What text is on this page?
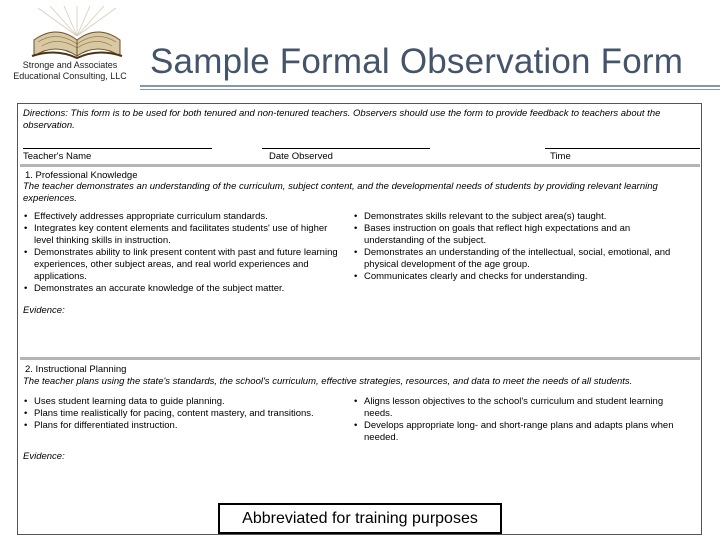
Stronge and Associates Educational Consulting, LLC Sample Formal Observation Form
Directions: This form is to be used for both tenured and non-tenured teachers. Observers should use the form to provide feedback to teachers about the observation.
Teacher's Name	Date Observed	Time
1. Professional Knowledge
The teacher demonstrates an understanding of the curriculum, subject content, and the developmental needs of students by providing relevant learning experiences.
• Effectively addresses appropriate curriculum standards.
• Integrates key content elements and facilitates students' use of higher level thinking skills in instruction.
• Demonstrates ability to link present content with past and future learning experiences, other subject areas, and real world experiences and applications.
• Demonstrates an accurate knowledge of the subject matter.
• Demonstrates skills relevant to the subject area(s) taught.
• Bases instruction on goals that reflect high expectations and an understanding of the subject.
• Demonstrates an understanding of the intellectual, social, emotional, and physical development of the age group.
• Communicates clearly and checks for understanding.
Evidence:
2. Instructional Planning
The teacher plans using the state's standards, the school's curriculum, effective strategies, resources, and data to meet the needs of all students.
• Uses student learning data to guide planning.
• Plans time realistically for pacing, content mastery, and transitions.
• Plans for differentiated instruction.
• Aligns lesson objectives to the school's curriculum and student learning needs.
• Develops appropriate long- and short-range plans and adapts plans when needed.
Evidence:
Abbreviated for training purposes
